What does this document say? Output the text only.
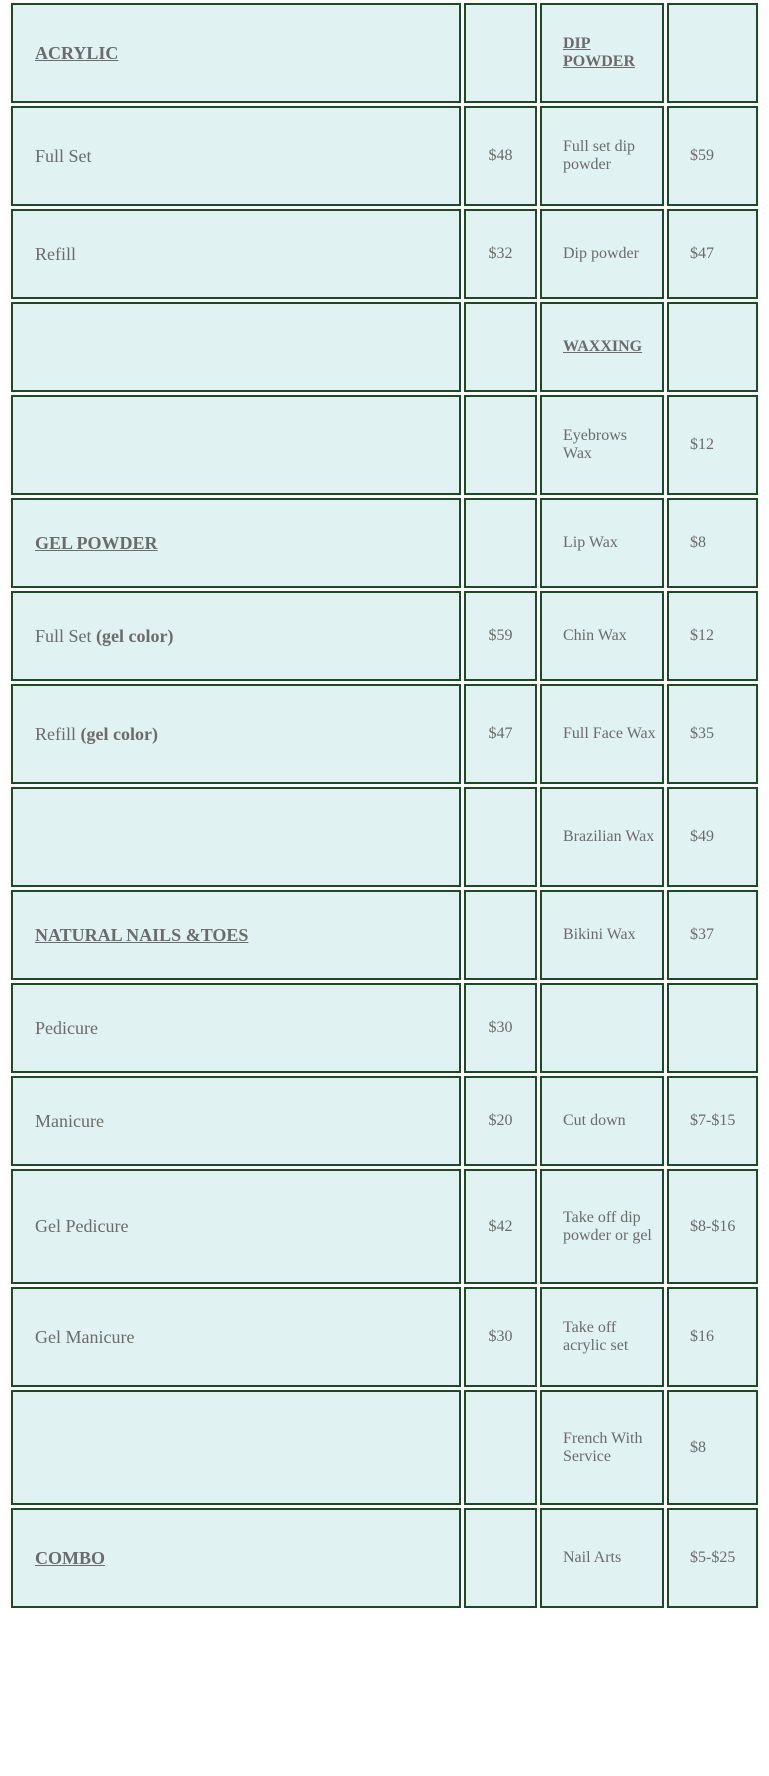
ACRYLIC		DIP POWDER	
Full Set	$48	Full set dip powder	$59
Refill	$32	Dip powder	$47
		WAXXING	
		Eyebrows Wax	$12
GEL POWDER		Lip Wax	$8
Full Set (gel color)	$59	Chin Wax	$12
Refill (gel color)	$47	Full Face Wax	$35
		Brazilian Wax	$49
NATURAL NAILS &TOES		Bikini Wax	$37
Pedicure	$30		
Manicure	$20	Cut down	$7-$15
Gel Pedicure	$42	Take off dip powder or gel	$8-$16
Gel Manicure	$30	Take off acrylic set	$16
		French With Service	$8
COMBO		Nail Arts	$5-$25
